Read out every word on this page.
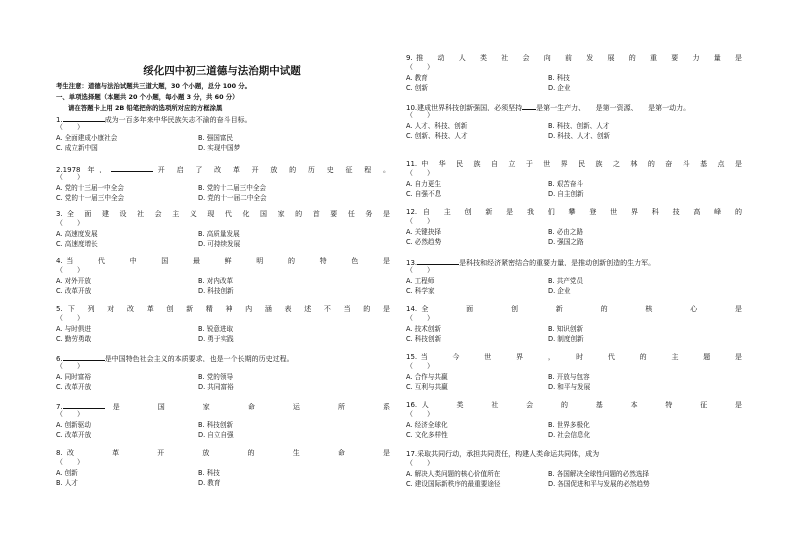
绥化四中初三道德与法治期中试题
考生注意：道德与法治试题共三道大题，30 个小题，总分 100 分。
一、单项选择题（本题共 20 个小题，每小题 3 分，共 60 分）
请在答题卡上用 2B 铅笔把你的选项所对应的方框涂黑
1.	成为一百多年来中华民族矢志不渝的奋斗目标。
（　　）
A. 全面建成小康社会	B. 强国富民
C. 成立新中国	D. 实现中国梦
2.1978 年，	开 启 了 改 革 开 放 的 历 史 征 程 。
（　　）
A. 党的十三届一中全会	B. 党的十二届三中全会
C. 党的十一届三中全会	D. 党的十一届二中全会
3.全 面 建 设 社 会 主 义 现 代 化 国 家 的 首 要 任 务 是
（　　）
A. 高速度发展	B. 高质量发展
C. 高速度增长	D. 可持续发展
4.当　　代　　中　　国　　最　　鲜　　明　　的　　特　　色　　是
（　　）
A. 对外开放	B. 对内改革
C. 改革开放	D. 科技创新
5.下 列 对 改 革 创 新 精 神 内 涵 表 述 不 当 的 是
（　　）
A. 与时俱进	B. 锐意进取
C. 勤劳勇敢	D. 勇于实践
6.	是中国特色社会主义的本质要求，也是一个长期的历史过程。
（　　）
A. 同时富裕	B. 党的领导
C. 改革开放	D. 共同富裕
7.	是　　国　　家　　命　　运　　所　　系
（　　）
A. 创新驱动	B. 科技创新
C. 改革开放	D. 自立自强
8.改　　　革　　　开　　　放　　　的　　　生　　　命　　　是
（　　）
A. 创新	B. 科技
B. 人才	D. 教育
9.推　动　人　类　社　会　向　前　发　展　的　重　要　力　量　是
（　　）
A. 教育	B. 科技
C. 创新	D. 企业
10.建成世界科技创新强国，必须坚持 是第一生产力、　　是第一资源、　　是第一动力。
（　　）
A. 人才、科技、创新	B. 科技、创新、人才
C. 创新、科技、人才	D. 科技、人才、创新
11.中 华 民 族 自 立 于 世 界 民 族 之 林 的 奋 斗 基 点 是
（　　）
A. 自力更生	B. 艰苦奋斗
C. 自强不息	D. 自主创新
12.自 主 创 新 是 我 们 攀 登 世 界 科 技 高 峰 的
（　　）
A. 关键抉择	B. 必由之路
C. 必然趋势	D. 强国之路
13.	是科技和经济紧密结合的重要力量，是推动创新创造的生力军。
（　　）
A. 工程师	B. 共产党员
C. 科学家	D. 企业
14.全　　　面　　　创　　　新　　　的　　　核　　　心　　　是
（　　）
A. 技术创新	B. 知识创新
C. 科技创新	D. 制度创新
15.当　　今　　世　　界　　，　　时　　代　　的　　主　　题　　是
（　　）
A. 合作与共赢	B. 开放与包容
C. 互利与共赢	D. 和平与发展
16.人　　类　　社　　会　　的　　基　　本　　特　　征　　是
（　　）
A. 经济全球化	B. 世界多极化
C. 文化多样性	D. 社会信息化
17.采取共同行动，承担共同责任，构建人类命运共同体，成为
（　　）
A. 解决人类问题的核心价值所在	B. 各国解决全球性问题的必然选择
C. 建设国际新秩序的最重要途径	D. 各国促进和平与发展的必然趋势
